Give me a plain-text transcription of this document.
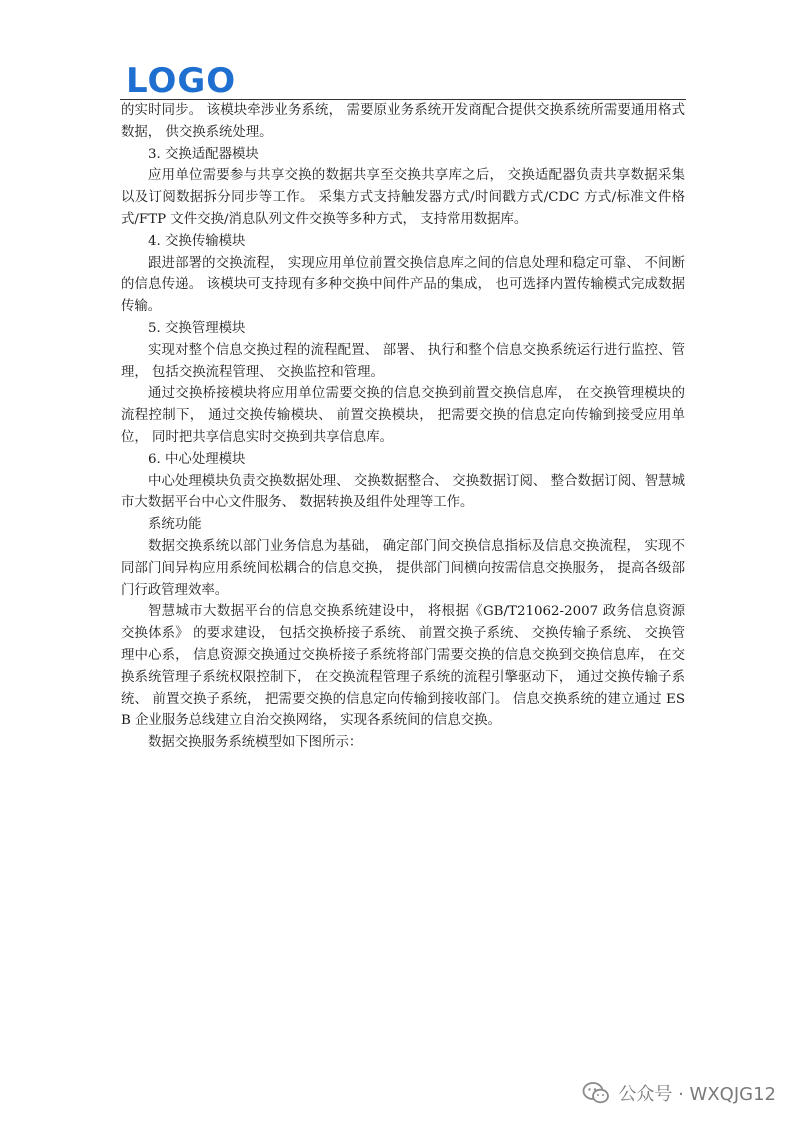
LOGO

的实时同步。 该模块牵涉业务系统， 需要原业务系统开发商配合提供交换系统所需要通用格式数据， 供交换系统处理。

3. 交换适配器模块

应用单位需要参与共享交换的数据共享至交换共享库之后， 交换适配器负责共享数据采集以及订阅数据拆分同步等工作。 采集方式支持触发器方式/时间戳方式/CDC 方式/标准文件格式/FTP 文件交换/消息队列文件交换等多种方式， 支持常用数据库。

4. 交换传输模块

跟进部署的交换流程， 实现应用单位前置交换信息库之间的信息处理和稳定可靠、 不间断的信息传递。 该模块可支持现有多种交换中间件产品的集成， 也可选择内置传输模式完成数据传输。

5. 交换管理模块

实现对整个信息交换过程的流程配置、 部署、 执行和整个信息交换系统运行进行监控、管理， 包括交换流程管理、 交换监控和管理。

通过交换桥接模块将应用单位需要交换的信息交换到前置交换信息库， 在交换管理模块的流程控制下， 通过交换传输模块、 前置交换模块， 把需要交换的信息定向传输到接受应用单位， 同时把共享信息实时交换到共享信息库。

6. 中心处理模块

中心处理模块负责交换数据处理、 交换数据整合、 交换数据订阅、 整合数据订阅、智慧城市大数据平台中心文件服务、 数据转换及组件处理等工作。

系统功能

数据交换系统以部门业务信息为基础， 确定部门间交换信息指标及信息交换流程， 实现不同部门间异构应用系统间松耦合的信息交换， 提供部门间横向按需信息交换服务， 提高各级部门行政管理效率。

智慧城市大数据平台的信息交换系统建设中， 将根据《GB/T21062-2007 政务信息资源交换体系》 的要求建设， 包括交换桥接子系统、 前置交换子系统、 交换传输子系统、 交换管理中心系， 信息资源交换通过交换桥接子系统将部门需要交换的信息交换到交换信息库， 在交换系统管理子系统权限控制下， 在交换流程管理子系统的流程引擎驱动下， 通过交换传输子系统、 前置交换子系统， 把需要交换的信息定向传输到接收部门。 信息交换系统的建立通过 ESB 企业服务总线建立自治交换网络， 实现各系统间的信息交换。

数据交换服务系统模型如下图所示：

公众号 · WXQJG12
